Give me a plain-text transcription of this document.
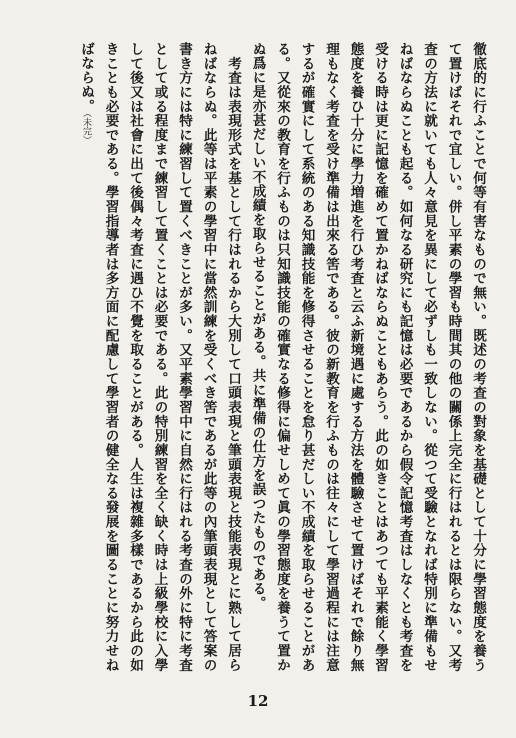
徹底的に行ふことで何等有害なもので無い。既述の考査の對象を基礎として十分に學習態度を養うて置けばそれで宜しい。併し平素の學習も時間其の他の關係上完全に行はれるとは限らない。又考査の方法に就いても人々意見を異にして必ずしも一致しない。從つて受驗となれば特別に準備もせねばならぬことも起る。如何なる研究にも記憶は必要であるから假令記憶考査はしなくとも考査を受ける時は更に記憶を確めて置かねばならぬこともあらう。此の如きことはあつても平素能く學習態度を養ひ十分に學力増進を行ひ考査と云ふ新境遇に處する方法を體驗させて置けばそれで餘り無理もなく考査を受け準備は出來る筈である。彼の新教育を行ふものは往々にして學習過程には注意するが確實にして系統のある知識技能を修得させることを怠り甚だしい不成績を取らせることがある。又從來の教育を行ふものは只知識技能の確實なる修得に偏せしめて眞の學習態度を養うて置かぬ爲に是亦甚だしい不成績を取らせることがある。共に準備の仕方を誤つたものである。

　考査は表現形式を基として行はれるから大別して口頭表現と筆頭表現と技能表現とに熟して居らねばならぬ。此等は平素の學習中に當然訓練を受くべき筈であるが此等の內筆頭表現として答案の書き方には特に練習して置くべきことが多い。又平素學習中に自然に行はれる考査の外に特に考査として或る程度まで練習して置くことは必要である。此の特別練習を全く缺く時は上級學校に入學して後又は社會に出て後偶々考査に遇ひ不覺を取ることがある。人生は複雜多樣であるから此の如きことも必要である。學習指導者は多方面に配慮して學習者の健全なる發展を圖ることに努力せねばならぬ。（未完）

12
